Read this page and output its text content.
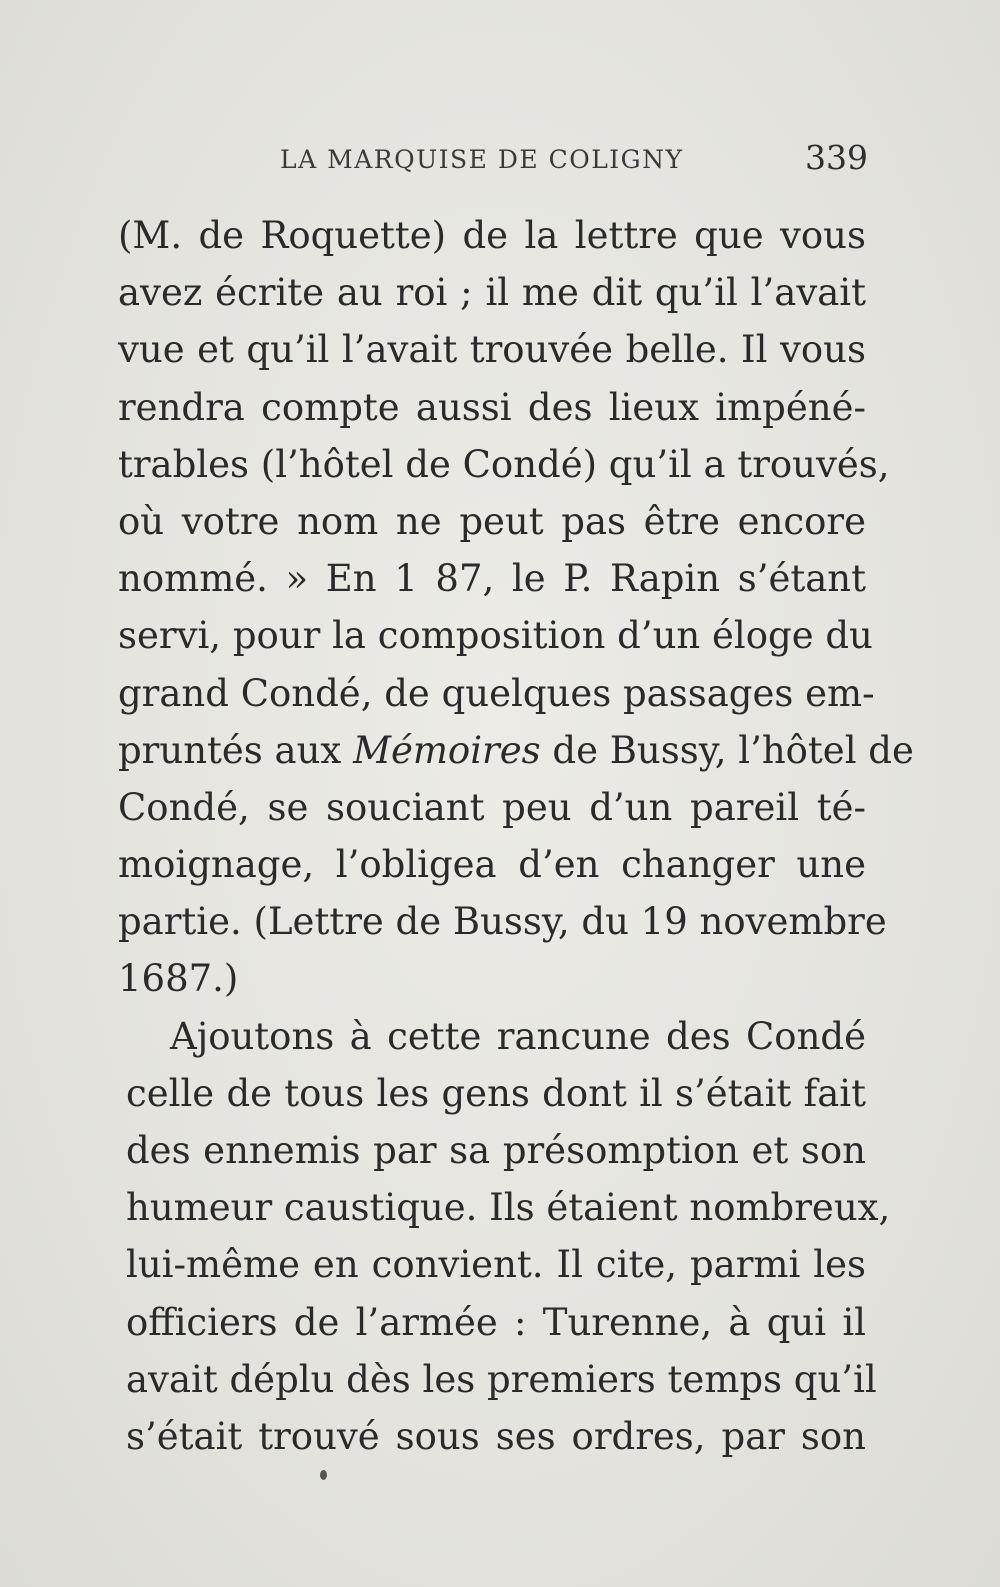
LA MARQUISE DE COLIGNY	339
(M. de Roquette) de la lettre que vous
avez écrite au roi ; il me dit qu’il l’avait
vue et qu’il l’avait trouvée belle. Il vous
rendra compte aussi des lieux impéné-
trables (l’hôtel de Condé) qu’il a trouvés,
où votre nom ne peut pas être encore
nommé. » En 1 87, le P. Rapin s’étant
servi, pour la composition d’un éloge du
grand Condé, de quelques passages em-
pruntés aux Mémoires de Bussy, l’hôtel de
Condé, se souciant peu d’un pareil té-
moignage, l’obligea d’en changer une
partie. (Lettre de Bussy, du 19 novembre
1687.)
Ajoutons à cette rancune des Condé
celle de tous les gens dont il s’était fait
des ennemis par sa présomption et son
humeur caustique. Ils étaient nombreux,
lui-même en convient. Il cite, parmi les
officiers de l’armée : Turenne, à qui il
avait déplu dès les premiers temps qu’il
s’était trouvé sous ses ordres, par son
